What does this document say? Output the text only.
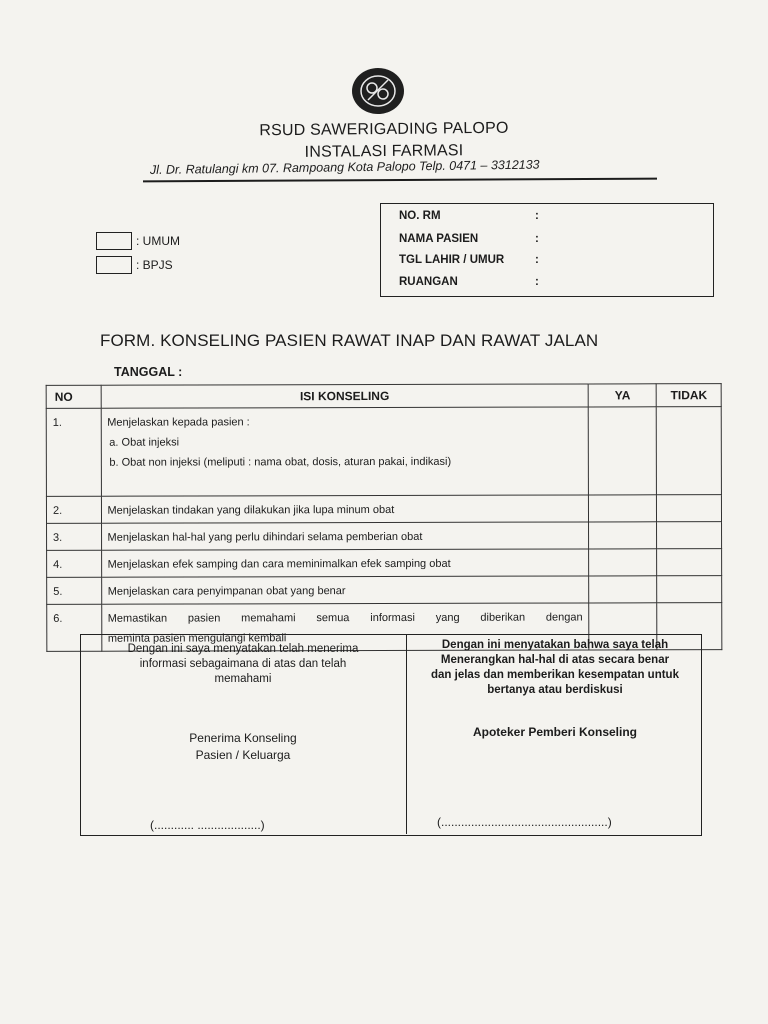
RSUD SAWERIGADING PALOPO
INSTALASI FARMASI
Jl. Dr. Ratulangi km 07. Rampoang Kota Palopo Telp. 0471 – 3312133
: UMUM
: BPJS
NO. RM	:
NAMA PASIEN	:
TGL LAHIR / UMUR	:
RUANGAN	:
FORM. KONSELING PASIEN RAWAT INAP DAN RAWAT JALAN
TANGGAL :
NO	ISI KONSELING	YA	TIDAK
1.	Menjelaskan kepada pasien :
a. Obat injeksi
b. Obat non injeksi (meliputi : nama obat, dosis, aturan pakai, indikasi)		

2.	Menjelaskan tindakan yang dilakukan jika lupa minum obat		
3.	Menjelaskan hal-hal yang perlu dihindari selama pemberian obat		
4.	Menjelaskan efek samping dan cara meminimalkan efek samping obat		
5.	Menjelaskan cara penyimpanan obat yang benar		
6.	Memastikan pasien memahami semua informasi yang diberikan dengan
meminta pasien mengulangi kembali		

Dengan ini saya menyatakan telah menerima
informasi sebagaimana di atas dan telah
memahami
Dengan ini menyatakan bahwa saya telah
Menerangkan hal-hal di atas secara benar
dan jelas dan memberikan kesempatan untuk
bertanya atau berdiskusi
Penerima Konseling
Pasien / Keluarga
Apoteker Pemberi Konseling
(............ ...................)	(..................................................)
